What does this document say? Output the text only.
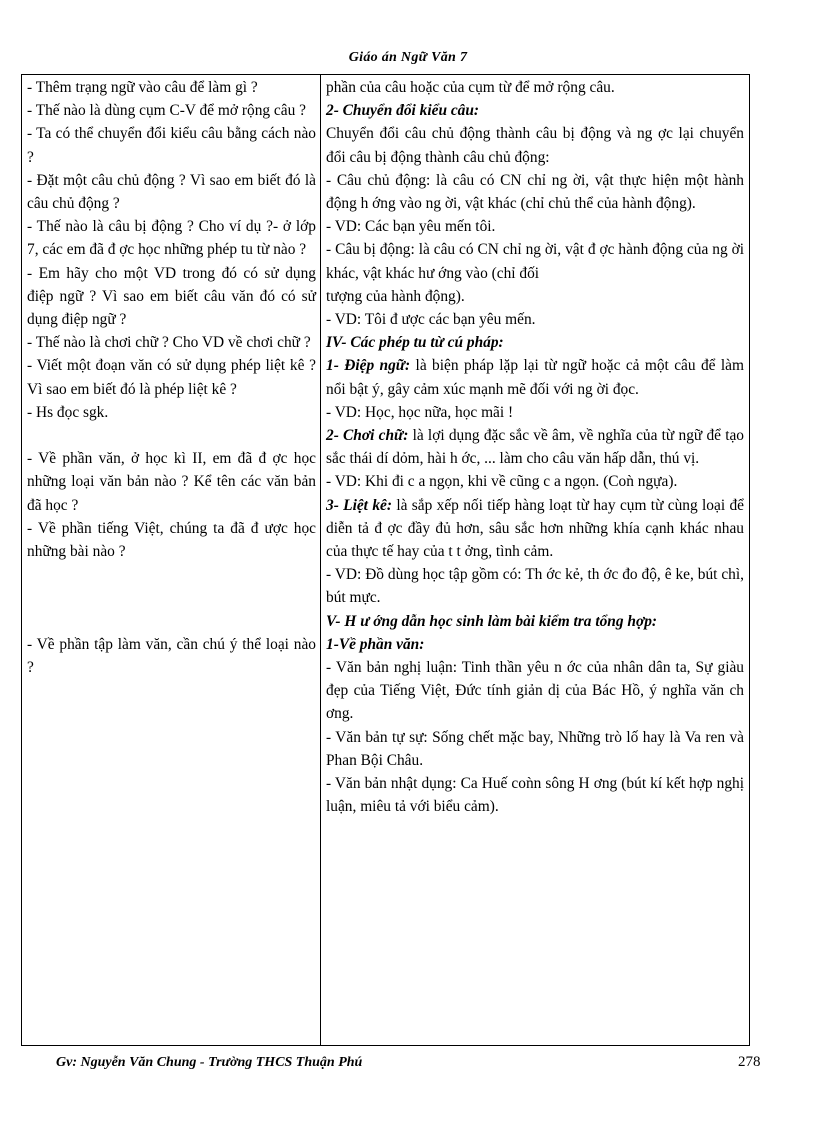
Giáo án Ngữ Văn 7

- Thêm trạng ngữ vào câu để làm gì ?

- Thế nào là dùng cụm C-V để mở rộng câu ?

- Ta có thể chuyển đổi kiểu câu bằng cách nào ?

- Đặt một câu chủ động ? Vì sao em biết đó là câu chủ động ?

- Thế nào là câu bị động ? Cho ví dụ ?- ở lớp 7, các em đã đ ợc học những phép tu từ nào ?

- Em hãy cho một VD trong đó có sử dụng điệp ngữ ? Vì sao em biết câu văn đó có sử dụng điệp ngữ ?

- Thế nào là chơi chữ ? Cho VD về chơi chữ ?

- Viết một đoạn văn có sử dụng phép liệt kê ? Vì sao em biết đó là phép liệt kê ?

- Hs đọc sgk.

- Về phần văn, ở học kì II, em đã đ ợc học những loại văn bản nào ? Kể tên các văn bản đã học ?

- Về phần tiếng Việt, chúng ta đã đ ược học những bài nào ?

- Về phần tập làm văn, cần chú ý thể loại nào ?

phần của câu hoặc của cụm từ để mở rộng câu.

2- Chuyển đổi kiểu câu:

Chuyển đổi câu chủ động thành câu bị động và ng ợc lại chuyển đổi câu bị động thành câu chủ động:

- Câu chủ động: là câu có CN chỉ ng ời, vật thực hiện một hành động h ớng vào ng ời, vật khác (chỉ chủ thể của hành động).

- VD: Các bạn yêu mến tôi.

- Câu bị động: là câu có CN chỉ ng ời, vật đ ợc hành động của ng ời khác, vật khác hư ớng vào (chỉ đối

tượng của hành động).

- VD: Tôi đ ược các bạn yêu mến.

IV- Các phép tu từ cú pháp:

1- Điệp ngữ: là biện pháp lặp lại từ ngữ hoặc cả một câu để làm nổi bật ý, gây cảm xúc mạnh mẽ đối với ng ời đọc.

- VD: Học, học nữa, học mãi !

2- Chơi chữ: là lợi dụng đặc sắc về âm, về nghĩa của từ ngữ để tạo sắc thái dí dỏm, hài h ớc, ... làm cho câu văn hấp dẫn, thú vị.

- VD: Khi đi c a ngọn, khi về cũng c a ngọn. (Coǹ ngựa).

3- Liệt kê: là sắp xếp nối tiếp hàng loạt từ hay cụm từ cùng loại để diễn tả đ ợc đầy đủ hơn, sâu sắc hơn những khía cạnh khác nhau của thực tế hay của t t ởng, tình cảm.

- VD: Đồ dùng học tập gồm có: Th ớc kẻ, th ớc đo độ, ê ke, bút chì, bút mực.

V- H ư ớng dẫn học sinh làm bài kiểm tra tổng hợp:

1-Về phần văn:

- Văn bản nghị luận: Tinh thần yêu n ớc của nhân dân ta, Sự giàu đẹp của Tiếng Việt, Đức tính giản dị của Bác Hồ, ý nghĩa văn ch ơng.

- Văn bản tự sự: Sống chết mặc bay, Những trò lố hay là Va ren và Phan Bội Châu.

- Văn bản nhật dụng: Ca Huế coǹn sông H ơng (bút kí kết hợp nghị luận, miêu tả với biểu cảm).

Gv: Nguyễn Văn Chung - Trường THCS Thuận Phú	278
